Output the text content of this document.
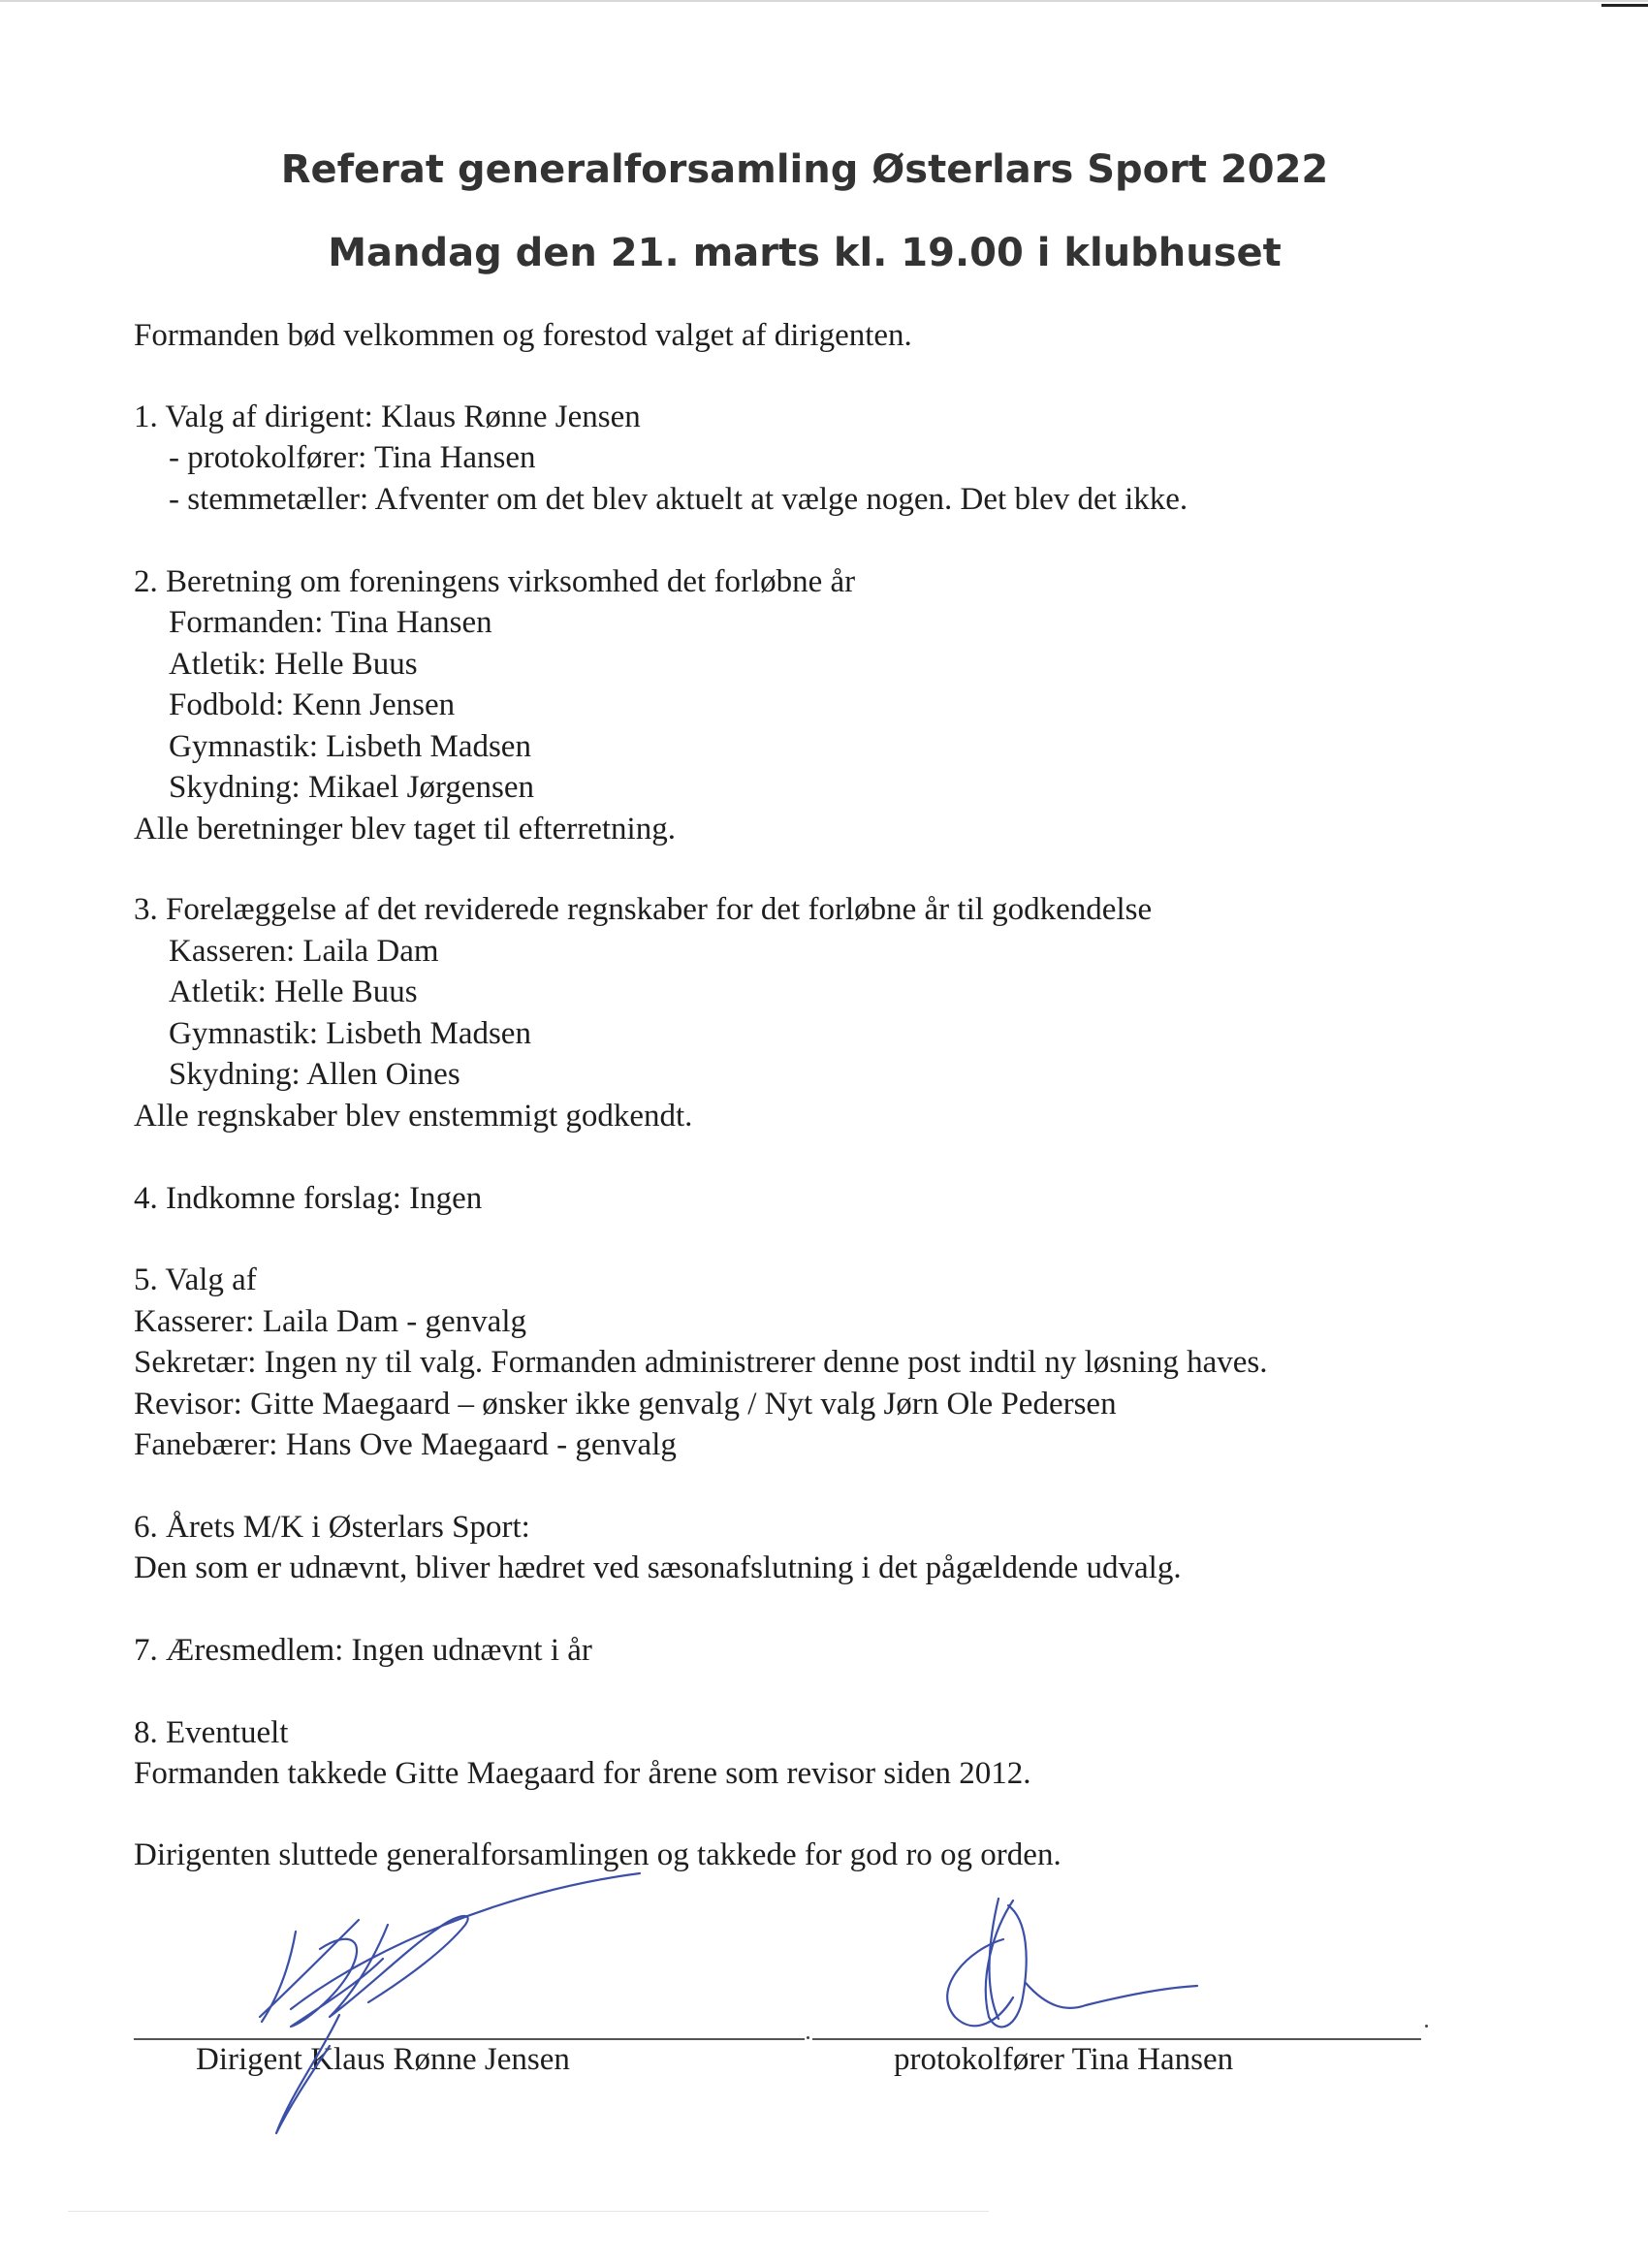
Referat generalforsamling Østerlars Sport 2022
Mandag den 21. marts kl. 19.00 i klubhuset

Formanden bød velkommen og forestod valget af dirigenten.

1. Valg af dirigent: Klaus Rønne Jensen

- protokolfører: Tina Hansen

- stemmetæller: Afventer om det blev aktuelt at vælge nogen. Det blev det ikke.

2. Beretning om foreningens virksomhed det forløbne år

Formanden: Tina Hansen

Atletik: Helle Buus

Fodbold: Kenn Jensen

Gymnastik: Lisbeth Madsen

Skydning: Mikael Jørgensen

Alle beretninger blev taget til efterretning.

3. Forelæggelse af det reviderede regnskaber for det forløbne år til godkendelse

Kasseren: Laila Dam

Atletik: Helle Buus

Gymnastik: Lisbeth Madsen

Skydning: Allen Oines

Alle regnskaber blev enstemmigt godkendt.

4. Indkomne forslag: Ingen

5. Valg af

Kasserer: Laila Dam - genvalg

Sekretær: Ingen ny til valg. Formanden administrerer denne post indtil ny løsning haves.

Revisor: Gitte Maegaard – ønsker ikke genvalg / Nyt valg Jørn Ole Pedersen

Fanebærer: Hans Ove Maegaard - genvalg

6. Årets M/K i Østerlars Sport:

Den som er udnævnt, bliver hædret ved sæsonafslutning i det pågældende udvalg.

7. Æresmedlem: Ingen udnævnt i år

8. Eventuelt

Formanden takkede Gitte Maegaard for årene som revisor siden 2012.

Dirigenten sluttede generalforsamlingen og takkede for god ro og orden.

Dirigent Klaus Rønne Jensen	protokolfører Tina Hansen
